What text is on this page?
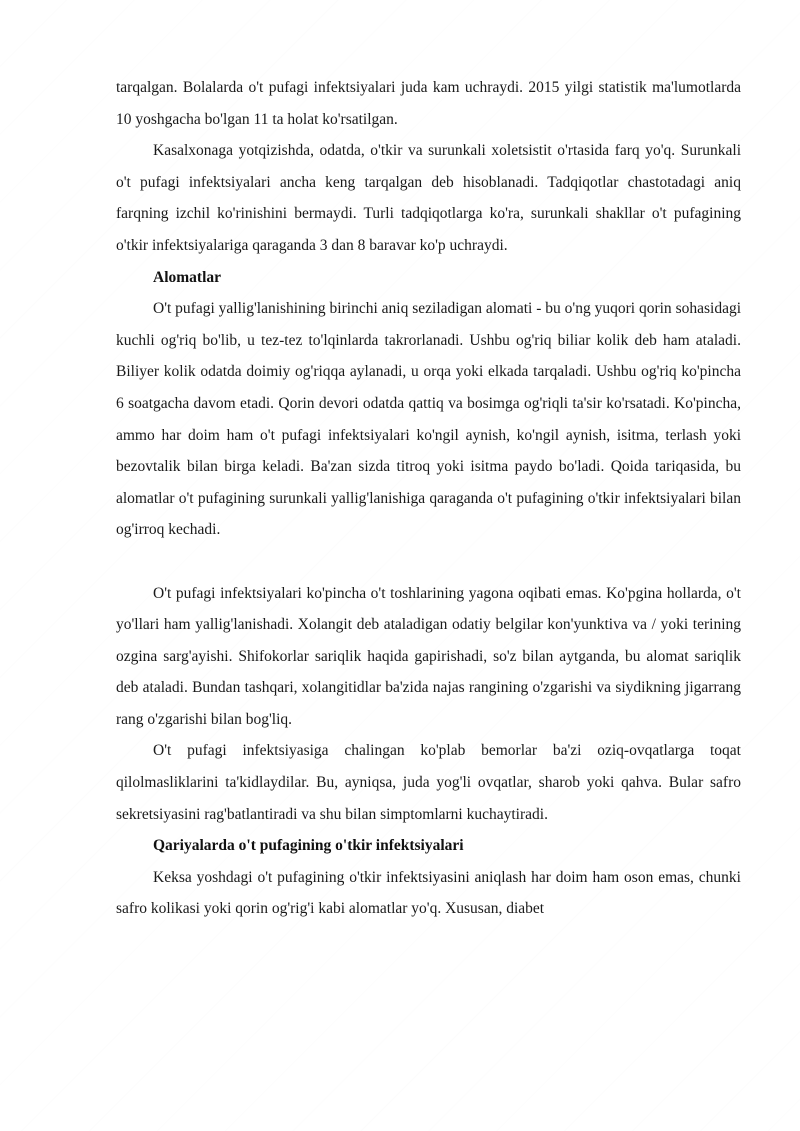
tarqalgan. Bolalarda o't pufagi infektsiyalari juda kam uchraydi. 2015 yilgi statistik ma'lumotlarda 10 yoshgacha bo'lgan 11 ta holat ko'rsatilgan.

Kasalxonaga yotqizishda, odatda, o'tkir va surunkali xoletsistit o'rtasida farq yo'q. Surunkali o't pufagi infektsiyalari ancha keng tarqalgan deb hisoblanadi. Tadqiqotlar chastotadagi aniq farqning izchil ko'rinishini bermaydi. Turli tadqiqotlarga ko'ra, surunkali shakllar o't pufagining o'tkir infektsiyalariga qaraganda 3 dan 8 baravar ko'p uchraydi.

Alomatlar

O't pufagi yallig'lanishining birinchi aniq seziladigan alomati - bu o'ng yuqori qorin sohasidagi kuchli og'riq bo'lib, u tez-tez to'lqinlarda takrorlanadi. Ushbu og'riq biliar kolik deb ham ataladi. Biliyer kolik odatda doimiy og'riqqa aylanadi, u orqa yoki elkada tarqaladi. Ushbu og'riq ko'pincha 6 soatgacha davom etadi. Qorin devori odatda qattiq va bosimga og'riqli ta'sir ko'rsatadi. Ko'pincha, ammo har doim ham o't pufagi infektsiyalari ko'ngil aynish, ko'ngil aynish, isitma, terlash yoki bezovtalik bilan birga keladi. Ba'zan sizda titroq yoki isitma paydo bo'ladi. Qoida tariqasida, bu alomatlar o't pufagining surunkali yallig'lanishiga qaraganda o't pufagining o'tkir infektsiyalari bilan og'irroq kechadi.

O't pufagi infektsiyalari ko'pincha o't toshlarining yagona oqibati emas. Ko'pgina hollarda, o't yo'llari ham yallig'lanishadi. Xolangit deb ataladigan odatiy belgilar kon'yunktiva va / yoki terining ozgina sarg'ayishi. Shifokorlar sariqlik haqida gapirishadi, so'z bilan aytganda, bu alomat sariqlik deb ataladi. Bundan tashqari, xolangitidlar ba'zida najas rangining o'zgarishi va siydikning jigarrang rang o'zgarishi bilan bog'liq.

O't pufagi infektsiyasiga chalingan ko'plab bemorlar ba'zi oziq-ovqatlarga toqat qilolmasliklarini ta'kidlaydilar. Bu, ayniqsa, juda yog'li ovqatlar, sharob yoki qahva. Bular safro sekretsiyasini rag'batlantiradi va shu bilan simptomlarni kuchaytiradi.

Qariyalarda o't pufagining o'tkir infektsiyalari

Keksa yoshdagi o't pufagining o'tkir infektsiyasini aniqlash har doim ham oson emas, chunki safro kolikasi yoki qorin og'rig'i kabi alomatlar yo'q. Xususan, diabet
